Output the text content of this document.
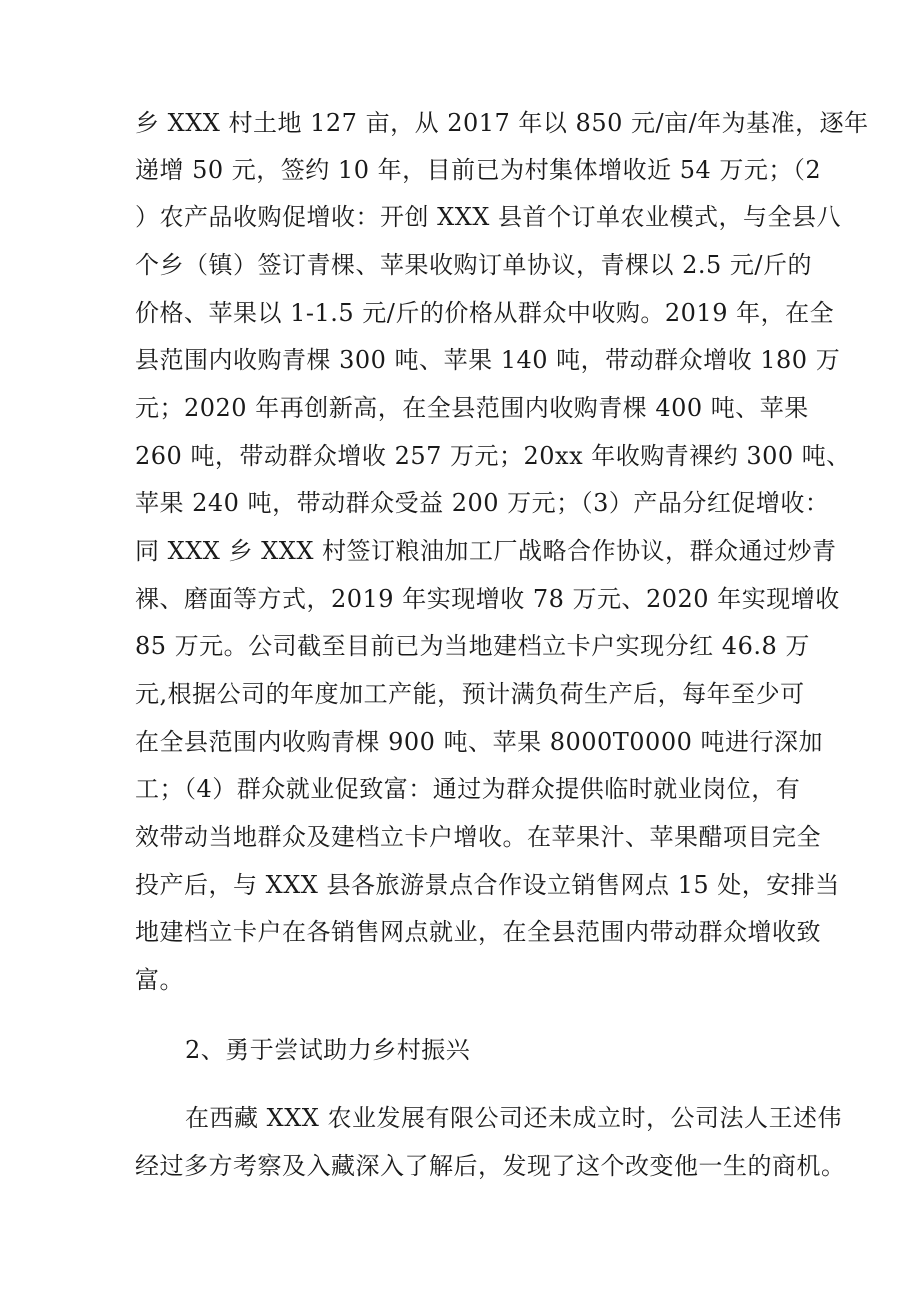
乡 XXX 村土地 127 亩，从 2017 年以 850 元/亩/年为基准，逐年
递增 50 元，签约 10 年，目前已为村集体增收近 54 万元；（2
）农产品收购促增收：开创 XXX 县首个订单农业模式，与全县八
个乡（镇）签订青棵、苹果收购订单协议，青棵以 2.5 元/斤的
价格、苹果以 1-1.5 元/斤的价格从群众中收购。2019 年，在全
县范围内收购青棵 300 吨、苹果 140 吨，带动群众增收 180 万
元；2020 年再创新高，在全县范围内收购青棵 400 吨、苹果
260 吨，带动群众增收 257 万元；20xx 年收购青裸约 300 吨、
苹果 240 吨，带动群众受益 200 万元；（3）产品分红促增收：
同 XXX 乡 XXX 村签订粮油加工厂战略合作协议，群众通过炒青
裸、磨面等方式，2019 年实现增收 78 万元、2020 年实现增收
85 万元。公司截至目前已为当地建档立卡户实现分红 46.8 万
元,根据公司的年度加工产能，预计满负荷生产后，每年至少可
在全县范围内收购青棵 900 吨、苹果 8000T0000 吨进行深加
工；（4）群众就业促致富：通过为群众提供临时就业岗位，有
效带动当地群众及建档立卡户增收。在苹果汁、苹果醋项目完全
投产后，与 XXX 县各旅游景点合作设立销售网点 15 处，安排当
地建档立卡户在各销售网点就业，在全县范围内带动群众增收致
富。
2、勇于尝试助力乡村振兴
在西藏 XXX 农业发展有限公司还未成立时，公司法人王述伟
经过多方考察及入藏深入了解后，发现了这个改变他一生的商机。
